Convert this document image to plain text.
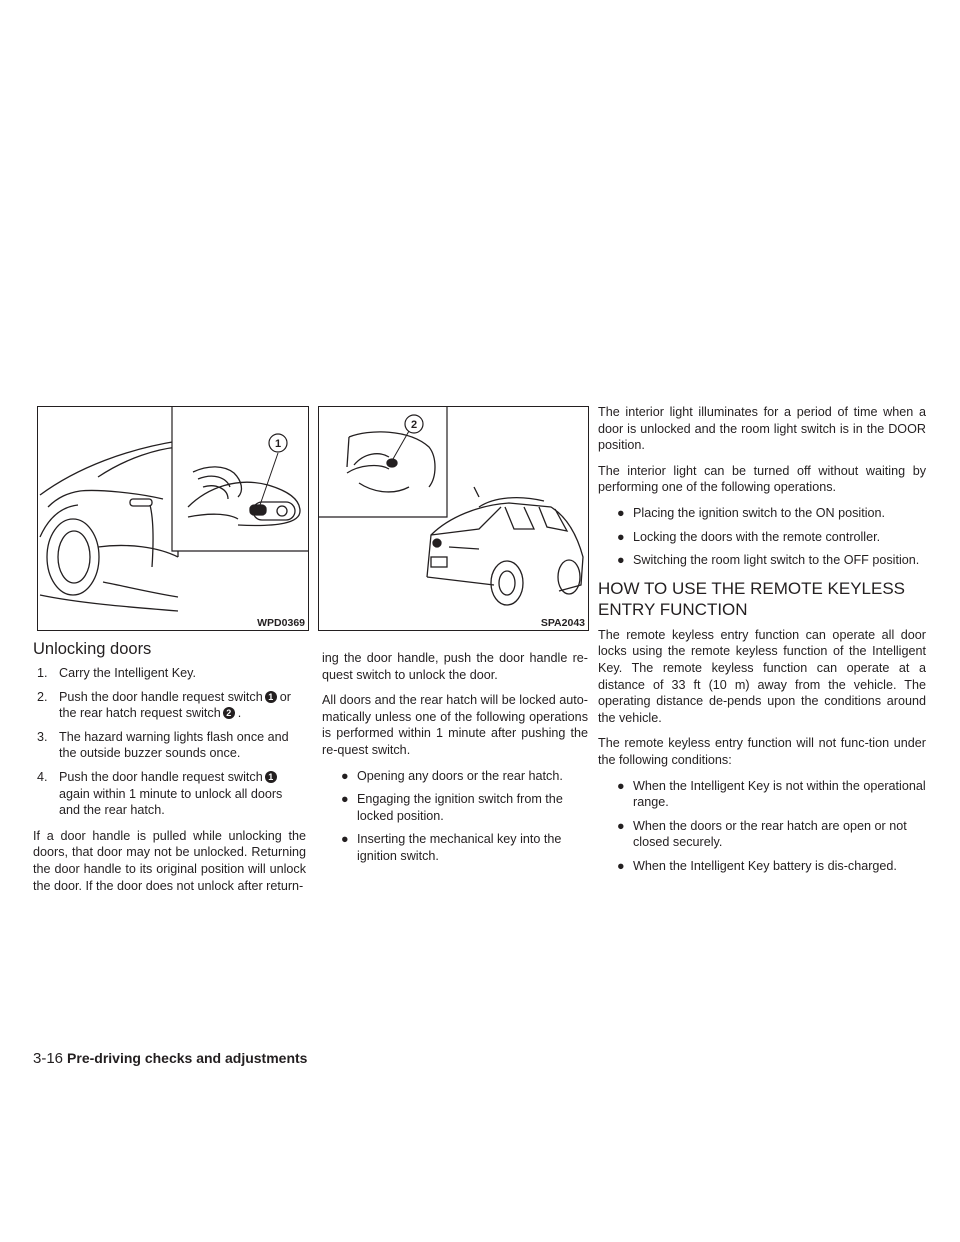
1
WPD0369
2
SPA2043
Unlocking doors
1. Carry the Intelligent Key.
2. Push the door handle request switch 1 or the rear hatch request switch 2 .
3. The hazard warning lights flash once and the outside buzzer sounds once.
4. Push the door handle request switch 1 again within 1 minute to unlock all doors and the rear hatch.

If a door handle is pulled while unlocking the doors, that door may not be unlocked. Returning the door handle to its original position will unlock the door. If the door does not unlock after return-

ing the door handle, push the door handle re-quest switch to unlock the door.

All doors and the rear hatch will be locked auto-matically unless one of the following operations is performed within 1 minute after pushing the re-quest switch.

● Opening any doors or the rear hatch.
● Engaging the ignition switch from the locked position.
● Inserting the mechanical key into the ignition switch.

The interior light illuminates for a period of time when a door is unlocked and the room light switch is in the DOOR position.

The interior light can be turned off without waiting by performing one of the following operations.

● Placing the ignition switch to the ON position.
● Locking the doors with the remote controller.
● Switching the room light switch to the OFF position.
HOW TO USE THE REMOTE KEYLESS ENTRY FUNCTION

The remote keyless entry function can operate all door locks using the remote keyless function of the Intelligent Key. The remote keyless function can operate at a distance of 33 ft (10 m) away from the vehicle. The operating distance de-pends upon the conditions around the vehicle.

The remote keyless entry function will not func-tion under the following conditions:

● When the Intelligent Key is not within the operational range.
● When the doors or the rear hatch are open or not closed securely.
● When the Intelligent Key battery is dis-charged.
3-16 Pre-driving checks and adjustments
